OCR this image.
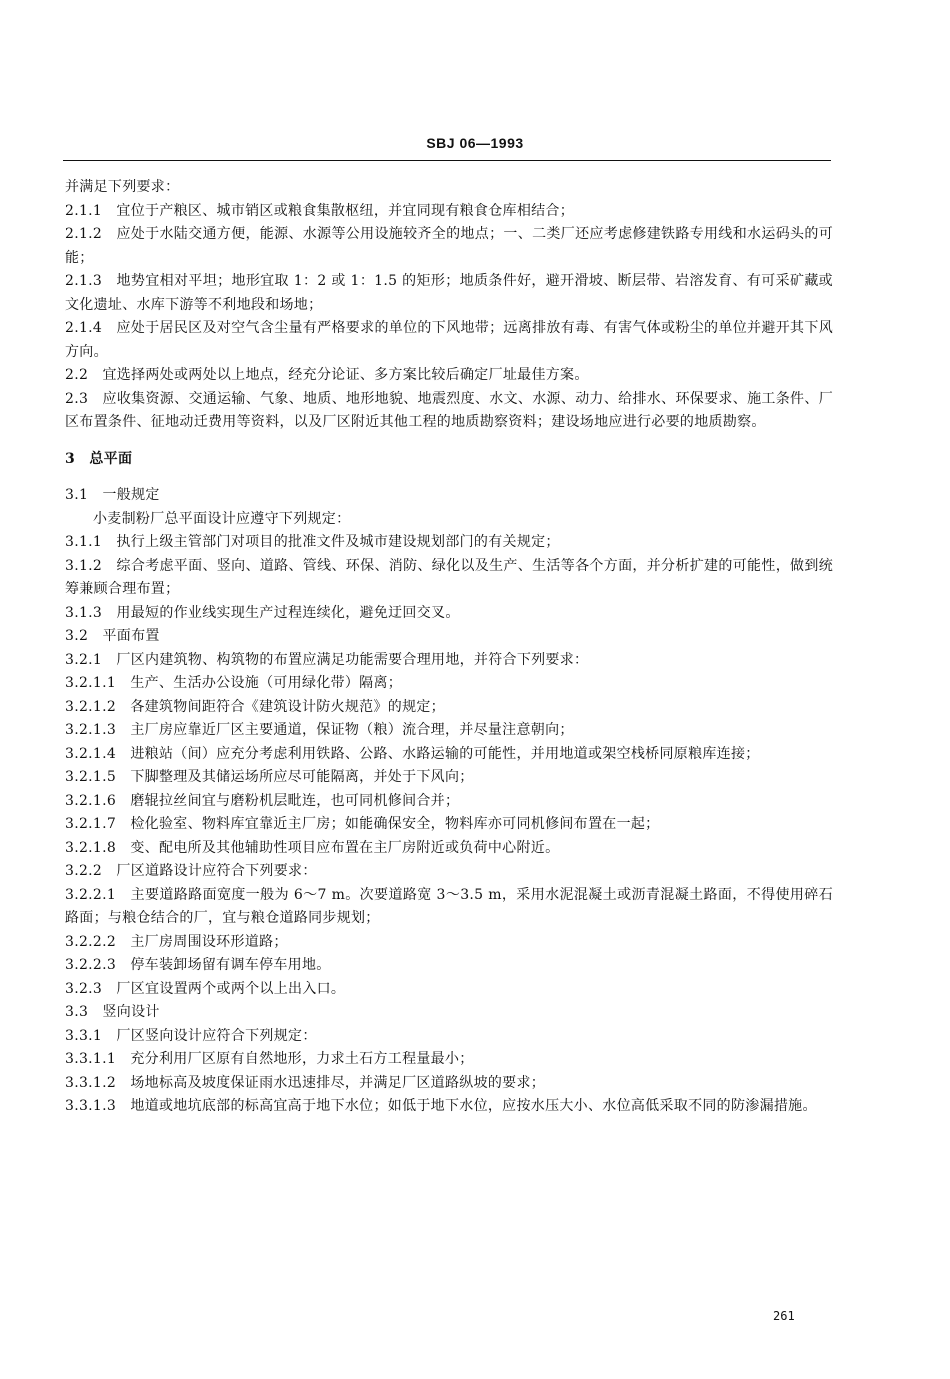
SBJ 06—1993

并满足下列要求：

2.1.1　宜位于产粮区、城市销区或粮食集散枢纽，并宜同现有粮食仓库相结合；

2.1.2　应处于水陆交通方便，能源、水源等公用设施较齐全的地点；一、二类厂还应考虑修建铁路专用线和水运码头的可能；

2.1.3　地势宜相对平坦；地形宜取 1：2 或 1：1.5 的矩形；地质条件好，避开滑坡、断层带、岩溶发育、有可采矿藏或文化遗址、水库下游等不利地段和场地；

2.1.4　应处于居民区及对空气含尘量有严格要求的单位的下风地带；远离排放有毒、有害气体或粉尘的单位并避开其下风方向。

2.2　宜选择两处或两处以上地点，经充分论证、多方案比较后确定厂址最佳方案。

2.3　应收集资源、交通运输、气象、地质、地形地貌、地震烈度、水文、水源、动力、给排水、环保要求、施工条件、厂区布置条件、征地动迁费用等资料，以及厂区附近其他工程的地质勘察资料；建设场地应进行必要的地质勘察。

3　总平面

3.1　一般规定

小麦制粉厂总平面设计应遵守下列规定：

3.1.1　执行上级主管部门对项目的批准文件及城市建设规划部门的有关规定；

3.1.2　综合考虑平面、竖向、道路、管线、环保、消防、绿化以及生产、生活等各个方面，并分析扩建的可能性，做到统筹兼顾合理布置；

3.1.3　用最短的作业线实现生产过程连续化，避免迂回交叉。

3.2　平面布置

3.2.1　厂区内建筑物、构筑物的布置应满足功能需要合理用地，并符合下列要求：

3.2.1.1　生产、生活办公设施（可用绿化带）隔离；

3.2.1.2　各建筑物间距符合《建筑设计防火规范》的规定；

3.2.1.3　主厂房应靠近厂区主要通道，保证物（粮）流合理，并尽量注意朝向；

3.2.1.4　进粮站（间）应充分考虑利用铁路、公路、水路运输的可能性，并用地道或架空栈桥同原粮库连接；

3.2.1.5　下脚整理及其储运场所应尽可能隔离，并处于下风向；

3.2.1.6　磨辊拉丝间宜与磨粉机层毗连，也可同机修间合并；

3.2.1.7　检化验室、物料库宜靠近主厂房；如能确保安全，物料库亦可同机修间布置在一起；

3.2.1.8　变、配电所及其他辅助性项目应布置在主厂房附近或负荷中心附近。

3.2.2　厂区道路设计应符合下列要求：

3.2.2.1　主要道路路面宽度一般为 6～7 m。次要道路宽 3～3.5 m，采用水泥混凝土或沥青混凝土路面，不得使用碎石路面；与粮仓结合的厂，宜与粮仓道路同步规划；

3.2.2.2　主厂房周围设环形道路；

3.2.2.3　停车装卸场留有调车停车用地。

3.2.3　厂区宜设置两个或两个以上出入口。

3.3　竖向设计

3.3.1　厂区竖向设计应符合下列规定：

3.3.1.1　充分利用厂区原有自然地形，力求土石方工程量最小；

3.3.1.2　场地标高及坡度保证雨水迅速排尽，并满足厂区道路纵坡的要求；

3.3.1.3　地道或地坑底部的标高宜高于地下水位；如低于地下水位，应按水压大小、水位高低采取不同的防渗漏措施。

261
